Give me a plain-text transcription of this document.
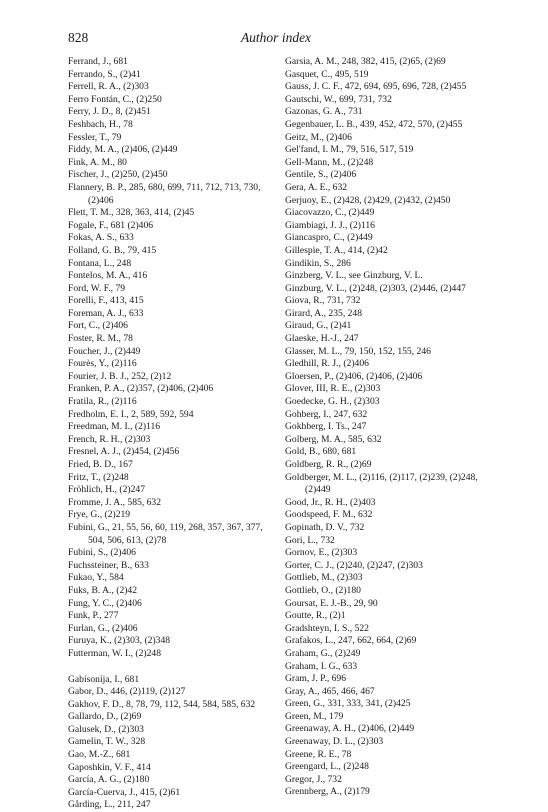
828	Author index
Ferrand, J., 681
Ferrando, S., (2)41
Ferrell, R. A., (2)303
Ferro Fontán, C., (2)250
Ferry, J. D., 8, (2)451
Feshbach, H., 78
Fessler, T., 79
Fiddy, M. A., (2)406, (2)449
Fink, A. M., 80
Fischer, J., (2)250, (2)450
Flannery, B. P., 285, 680, 699, 711, 712, 713, 730, (2)406
Flett, T. M., 328, 363, 414, (2)45
Fogale, F., 681 (2)406
Fokas, A. S., 633
Folland, G. B., 79, 415
Fontana, L., 248
Fontelos, M. A., 416
Ford, W. F., 79
Forelli, F., 413, 415
Foreman, A. J., 633
Fort, C., (2)406
Foster, R. M., 78
Foucher, J., (2)449
Fourès, Y., (2)116
Fourier, J. B. J., 252, (2)12
Franken, P. A., (2)357, (2)406, (2)406
Fratila, R., (2)116
Fredholm, E. I., 2, 589, 592, 594
Freedman, M. I., (2)116
French, R. H., (2)303
Fresnel, A. J., (2)454, (2)456
Fried, B. D., 167
Fritz, T., (2)248
Fröhlich, H., (2)247
Fromme, J. A., 585, 632
Frye, G., (2)219
Fubini, G., 21, 55, 56, 60, 119, 268, 357, 367, 377, 504, 506, 613, (2)78
Fubini, S., (2)406
Fuchssteiner, B., 633
Fukao, Y., 584
Fuks, B. A., (2)42
Fung, Y. C., (2)406
Funk, P., 277
Furlan, G., (2)406
Furuya, K., (2)303, (2)348
Futterman, W. I., (2)248
Gabisonija, I., 681
Gabor, D., 446, (2)119, (2)127
Gakhov, F. D., 8, 78, 79, 112, 544, 584, 585, 632
Gallardo, D., (2)69
Galusek, D., (2)303
Gamelin, T. W., 328
Gao, M.-Z., 681
Gaposhkin, V. F., 414
García, A. G., (2)180
García-Cuerva, J., 415, (2)61
Gårding, L., 211, 247
Garsia, A. M., 248, 382, 415, (2)65, (2)69
Gasquet, C., 495, 519
Gauss, J. C. F., 472, 694, 695, 696, 728, (2)455
Gautschi, W., 699, 731, 732
Gazonas, G. A., 731
Gegenbauer, L. B., 439, 452, 472, 570, (2)455
Geitz, M., (2)406
Gel'fand, I. M., 79, 516, 517, 519
Gell-Mann, M., (2)248
Gentile, S., (2)406
Gera, A. E., 632
Gerjuoy, E., (2)428, (2)429, (2)432, (2)450
Giacovazzo, C., (2)449
Giambiagi, J. J., (2)116
Giancaspro, C., (2)449
Gillespie, T. A., 414, (2)42
Gindikin, S., 286
Ginzberg, V. L., see Ginzburg, V. L.
Ginzburg, V. L., (2)248, (2)303, (2)446, (2)447
Giova, R., 731, 732
Girard, A., 235, 248
Giraud, G., (2)41
Glaeske, H.-J., 247
Glasser, M. L., 79, 150, 152, 155, 246
Gledhill, R. J., (2)406
Gloersen, P., (2)406, (2)406, (2)406
Glover, III, R. E., (2)303
Goedecke, G. H., (2)303
Gohberg, I., 247, 632
Gokhberg, I. Ts., 247
Golberg, M. A., 585, 632
Gold, B., 680, 681
Goldberg, R. R., (2)69
Goldberger, M. L., (2)116, (2)117, (2)239, (2)248, (2)449
Good, Jr., R. H., (2)403
Goodspeed, F. M., 632
Gopinath, D. V., 732
Gori, L., 732
Gornov, E., (2)303
Gorter, C. J., (2)240, (2)247, (2)303
Gottlieb, M., (2)303
Gottlieb, O., (2)180
Goursat, E. J.-B., 29, 90
Goutte, R., (2)1
Gradshteyn, I. S., 522
Grafakos, L., 247, 662, 664, (2)69
Graham, G., (2)249
Graham, I. G., 633
Gram, J. P., 696
Gray, A., 465, 466, 467
Green, G., 331, 333, 341, (2)425
Green, M., 179
Greenaway, A. H., (2)406, (2)449
Greenaway, D. L., (2)303
Greene, R. E., 78
Greengard, L., (2)248
Gregor, J., 732
Grennberg, A., (2)179
